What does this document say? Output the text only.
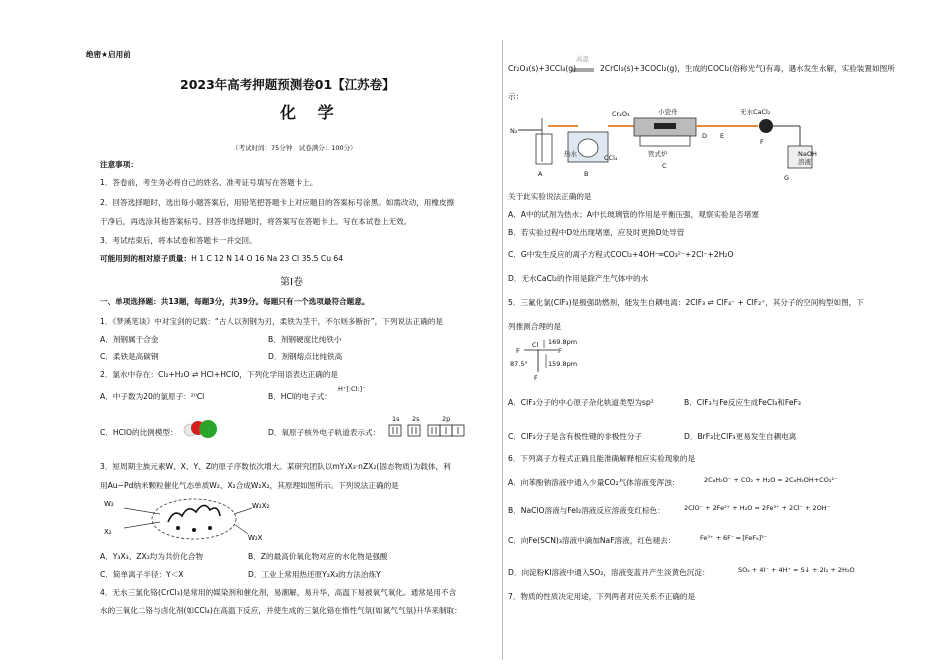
绝密★启用前
2023年高考押题预测卷01【江苏卷】
化 学
（考试时间：75分钟　试卷满分：100分）
注意事项：
1．答卷前，考生务必将自己的姓名、准考证号填写在答题卡上。
2．回答选择题时，选出每小题答案后，用铅笔把答题卡上对应题目的答案标号涂黑。如需改动，用橡皮擦
干净后，再选涂其他答案标号。回答非选择题时，将答案写在答题卡上。写在本试卷上无效。
3．考试结束后，将本试卷和答题卡一并交回。
可能用到的相对原子质量：H 1 C 12 N 14 O 16 Na 23 Cl 35.5 Cu 64
第Ⅰ卷
一、单项选择题：共13题，每题3分，共39分。每题只有一个选项最符合题意。
1．《梦溪笔谈》中对宝剑的记载：“古人以剂钢为刃，柔铁为茎干，不尔则多断折”，下列说法正确的是
A．剂钢属于合金	B．剂钢硬度比纯铁小
C．柔铁是高碳钢	D．剂钢熔点比纯铁高
2．氯水中存在：Cl₂+H₂O ⇌ HCl+HClO，下列化学用语表达正确的是
A．中子数为20的氯原子：²⁰Cl	B．HCl的电子式：
H⁺[:Cl:]⁻
C．HClO的比例模型：	D．氧原子核外电子轨道表示式：
1s 2s	2p
3．短周期主族元素W、X、Y、Z的原子序数依次增大。某研究团队以mY₃X₃·nZX₂(固态物质)为载体，利
用Au−Pd纳米颗粒催化气态单质W₂、X₂合成W₂X₂，其原理如图所示。下列说法正确的是
W₂
X₂
W₂X₂
W₂X
A．Y₃X₃、ZX₂均为共价化合物	B．Z的最高价氧化物对应的水化物是强酸
C．简单离子半径：Y＜X	D．工业上常用热还原Y₂X₃的方法冶炼Y
4．无水三氯化铬(CrCl₃)是常用的媒染剂和催化剂，易潮解，易升华，高温下易被氧气氧化。通常是用不含
水的三氧化二铬与卤化剂(如CCl₄)在高温下反应，并使生成的三氯化铬在惰性气氛(如氮气气氛)升华来制取：
高温
Cr₂O₃(s)+3CCl₄(g)	2CrCl₃(s)+3COCl₂(g)，生成的COCl₂(俗称光气)有毒，遇水发生水解，实验装置如图所
示：
N₂
A
热水
B
Cr₂O₃	小瓷舟
管式炉
CCl₄
C
D E
无水CaCl₂
F
NaOH
溶液
G
关于此实验说法正确的是
A．A中的试剂为热水；A中长玻璃管的作用是平衡压强，观察实验是否堵塞
B．若实验过程中D处出现堵塞，应及时更换D处导管
C．G中发生反应的离子方程式COCl₂+4OH⁻═CO₃²⁻+2Cl⁻+2H₂O
D．无水CaCl₂的作用是除产生气体中的水
5．三氟化氯(ClF₃)是极强助燃剂，能发生自耦电离：2ClF₃ ⇌ ClF₄⁻ + ClF₂⁺，其分子的空间构型如图，下
列推测合理的是
F
Cl
F
F
169.8pm
87.5°	159.8pm
A．ClF₃分子的中心原子杂化轨道类型为sp²	B．ClF₃与Fe反应生成FeCl₃和FeF₃
C．ClF₃分子是含有极性键的非极性分子	D．BrF₃比ClF₃更易发生自耦电离
6．下列离子方程式正确且能准确解释相应实验现象的是
A．向苯酚钠溶液中通入少量CO₂气体溶液变浑浊：	2C₆H₅O⁻ + CO₂ + H₂O = 2C₆H₅OH+CO₃²⁻
B．NaClO溶液与FeI₂溶液反应溶液变红棕色：	2ClO⁻ + 2Fe²⁺ + H₂O = 2Fe³⁺ + 2Cl⁻ + 2OH⁻
C．向Fe(SCN)₃溶液中滴加NaF溶液，红色褪去：	Fe³⁺ + 6F⁻ ═ [FeF₆]³⁻
D．向淀粉KI溶液中通入SO₂，溶液变蓝并产生淡黄色沉淀：	SO₂ + 4I⁻ + 4H⁺ = S↓ + 2I₂ + 2H₂O
7．物质的性质决定用途，下列两者对应关系不正确的是
